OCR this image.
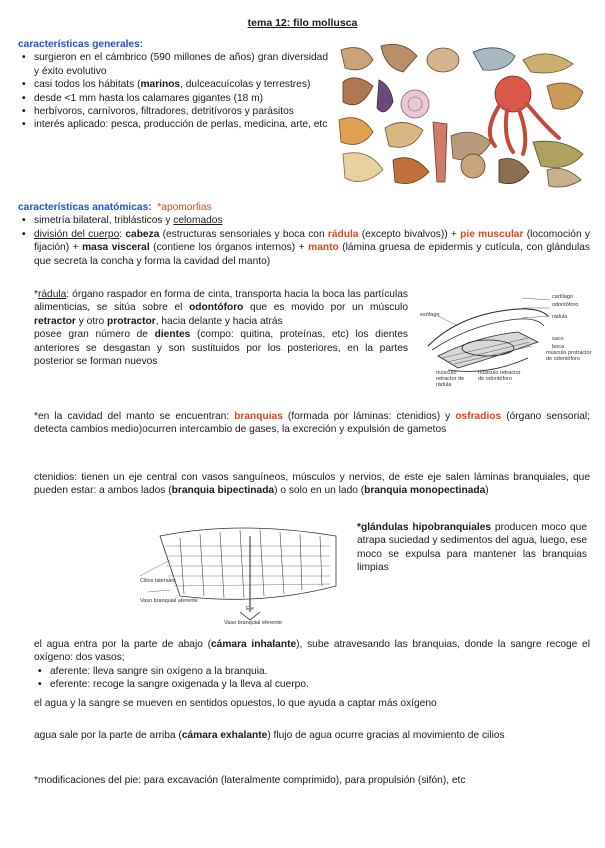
tema 12: filo mollusca
características generales:
• surgieron en el cámbrico (590 millones de años) gran diversidad y éxito evolutivo
• casi todos los hábitats (marinos, dulceacuícolas y terrestres)
• desde <1 mm hasta los calamares gigantes (18 m)
• herbívoros, carnívoros, filtradores, detritívoros y parásitos
• interés aplicado: pesca, producción de perlas, medicina, arte, etc
características anatómicas: *apomorfias
• simetría bilateral, triblásticos y celomados
• división del cuerpo: cabeza (estructuras sensoriales y boca con rádula (excepto bivalvos)) + pie muscular (locomoción y fijación) + masa visceral (contiene los órganos internos) + manto (lámina gruesa de epidermis y cutícula, con glándulas que secreta la concha y forma la cavidad del manto)

*rádula: órgano raspador en forma de cinta, transporta hacia la boca las partículas alimenticias, se sitúa sobre el odontóforo que es movido por un músculo retractor y otro protractor, hacia delante y hacia atrás

posee gran número de dientes (compo: quitina, proteínas, etc) los dientes anteriores se desgastan y son sustituidos por los posteriores, en la partes posterior se forman nuevos

cartílago
odontóforo
rádula
esófago
saco
boca
músculo retractor de rádula
músculo retractor de odontóforo
músculo protractor de odontóforo
*en la cavidad del manto se encuentran: branquias (formada por láminas: ctenidios) y osfradios (órgano sensorial; detecta cambios medio)ocurren intercambio de gases, la excreción y expulsión de gametos
ctenidios: tienen un eje central con vasos sanguíneos, músculos y nervios, de este eje salen láminas branquiales, que pueden estar: a ambos lados (branquia bipectinada) o solo en un lado (branquia monopectinada)
Cilios laterales
Vaso branquial aferente
Eje
Vaso branquial eferente
*glándulas hipobranquiales producen moco que atrapa suciedad y sedimentos del agua, luego, ese moco se expulsa para mantener las branquias limpias
el agua entra por la parte de abajo (cámara inhalante), sube atravesando las branquias, donde la sangre recoge el oxígeno: dos vasos;
• aferente: lleva sangre sin oxígeno a la branquia.
• eferente: recoge la sangre oxigenada y la lleva al cuerpo.
el agua y la sangre se mueven en sentidos opuestos, lo que ayuda a captar más oxígeno
agua sale por la parte de arriba (cámara exhalante) flujo de agua ocurre gracias al movimiento de cilios
*modificaciones del pie: para excavación (lateralmente comprimido), para propulsión (sifón), etc
